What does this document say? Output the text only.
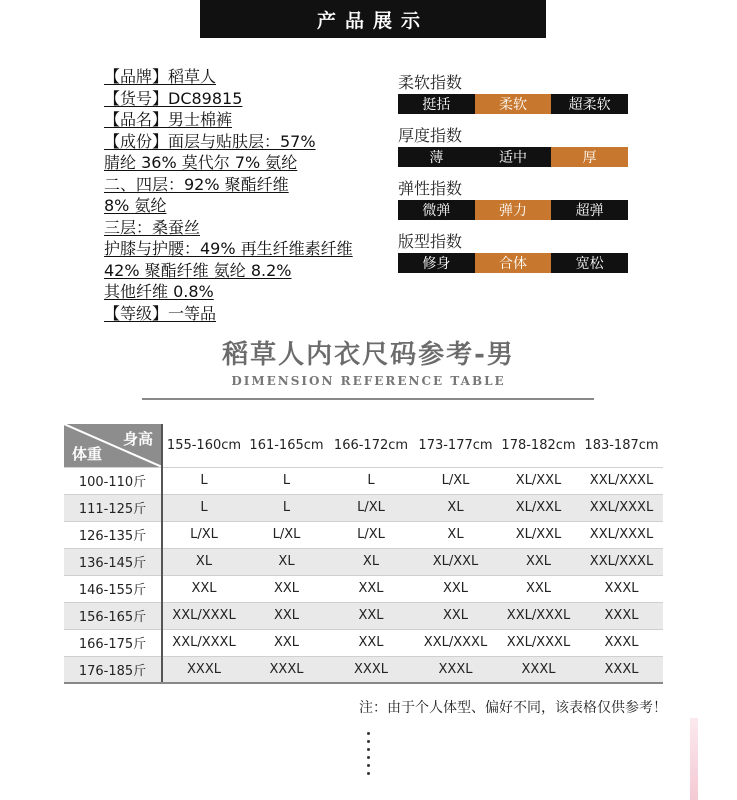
产品展示
【品牌】稻草人
【货号】DC89815
【品名】男士棉裤
【成份】面层与贴肤层：57%
腈纶 36% 莫代尔 7% 氨纶
二、四层：92% 聚酯纤维
8% 氨纶
三层：桑蚕丝
护膝与护腰：49% 再生纤维素纤维
42% 聚酯纤维 氨纶 8.2%
其他纤维 0.8%
【等级】一等品
柔软指数
挺括	柔软	超柔软
厚度指数
薄	适中	厚
弹性指数
微弹	弹力	超弹
版型指数
修身	合体	宽松
稻草人内衣尺码参考-男
DIMENSION REFERENCE TABLE
身高
体重	155-160cm	161-165cm	166-172cm	173-177cm	178-182cm	183-187cm
100-110斤	L	L	L	L/XL	XL/XXL	XXL/XXXL
111-125斤	L	L	L/XL	XL	XL/XXL	XXL/XXXL
126-135斤	L/XL	L/XL	L/XL	XL	XL/XXL	XXL/XXXL
136-145斤	XL	XL	XL	XL/XXL	XXL	XXL/XXXL
146-155斤	XXL	XXL	XXL	XXL	XXL	XXXL
156-165斤	XXL/XXXL	XXL	XXL	XXL	XXL/XXXL	XXXL
166-175斤	XXL/XXXL	XXL	XXL	XXL/XXXL	XXL/XXXL	XXXL
176-185斤	XXXL	XXXL	XXXL	XXXL	XXXL	XXXL
注：由于个人体型、偏好不同，该表格仅供参考！
